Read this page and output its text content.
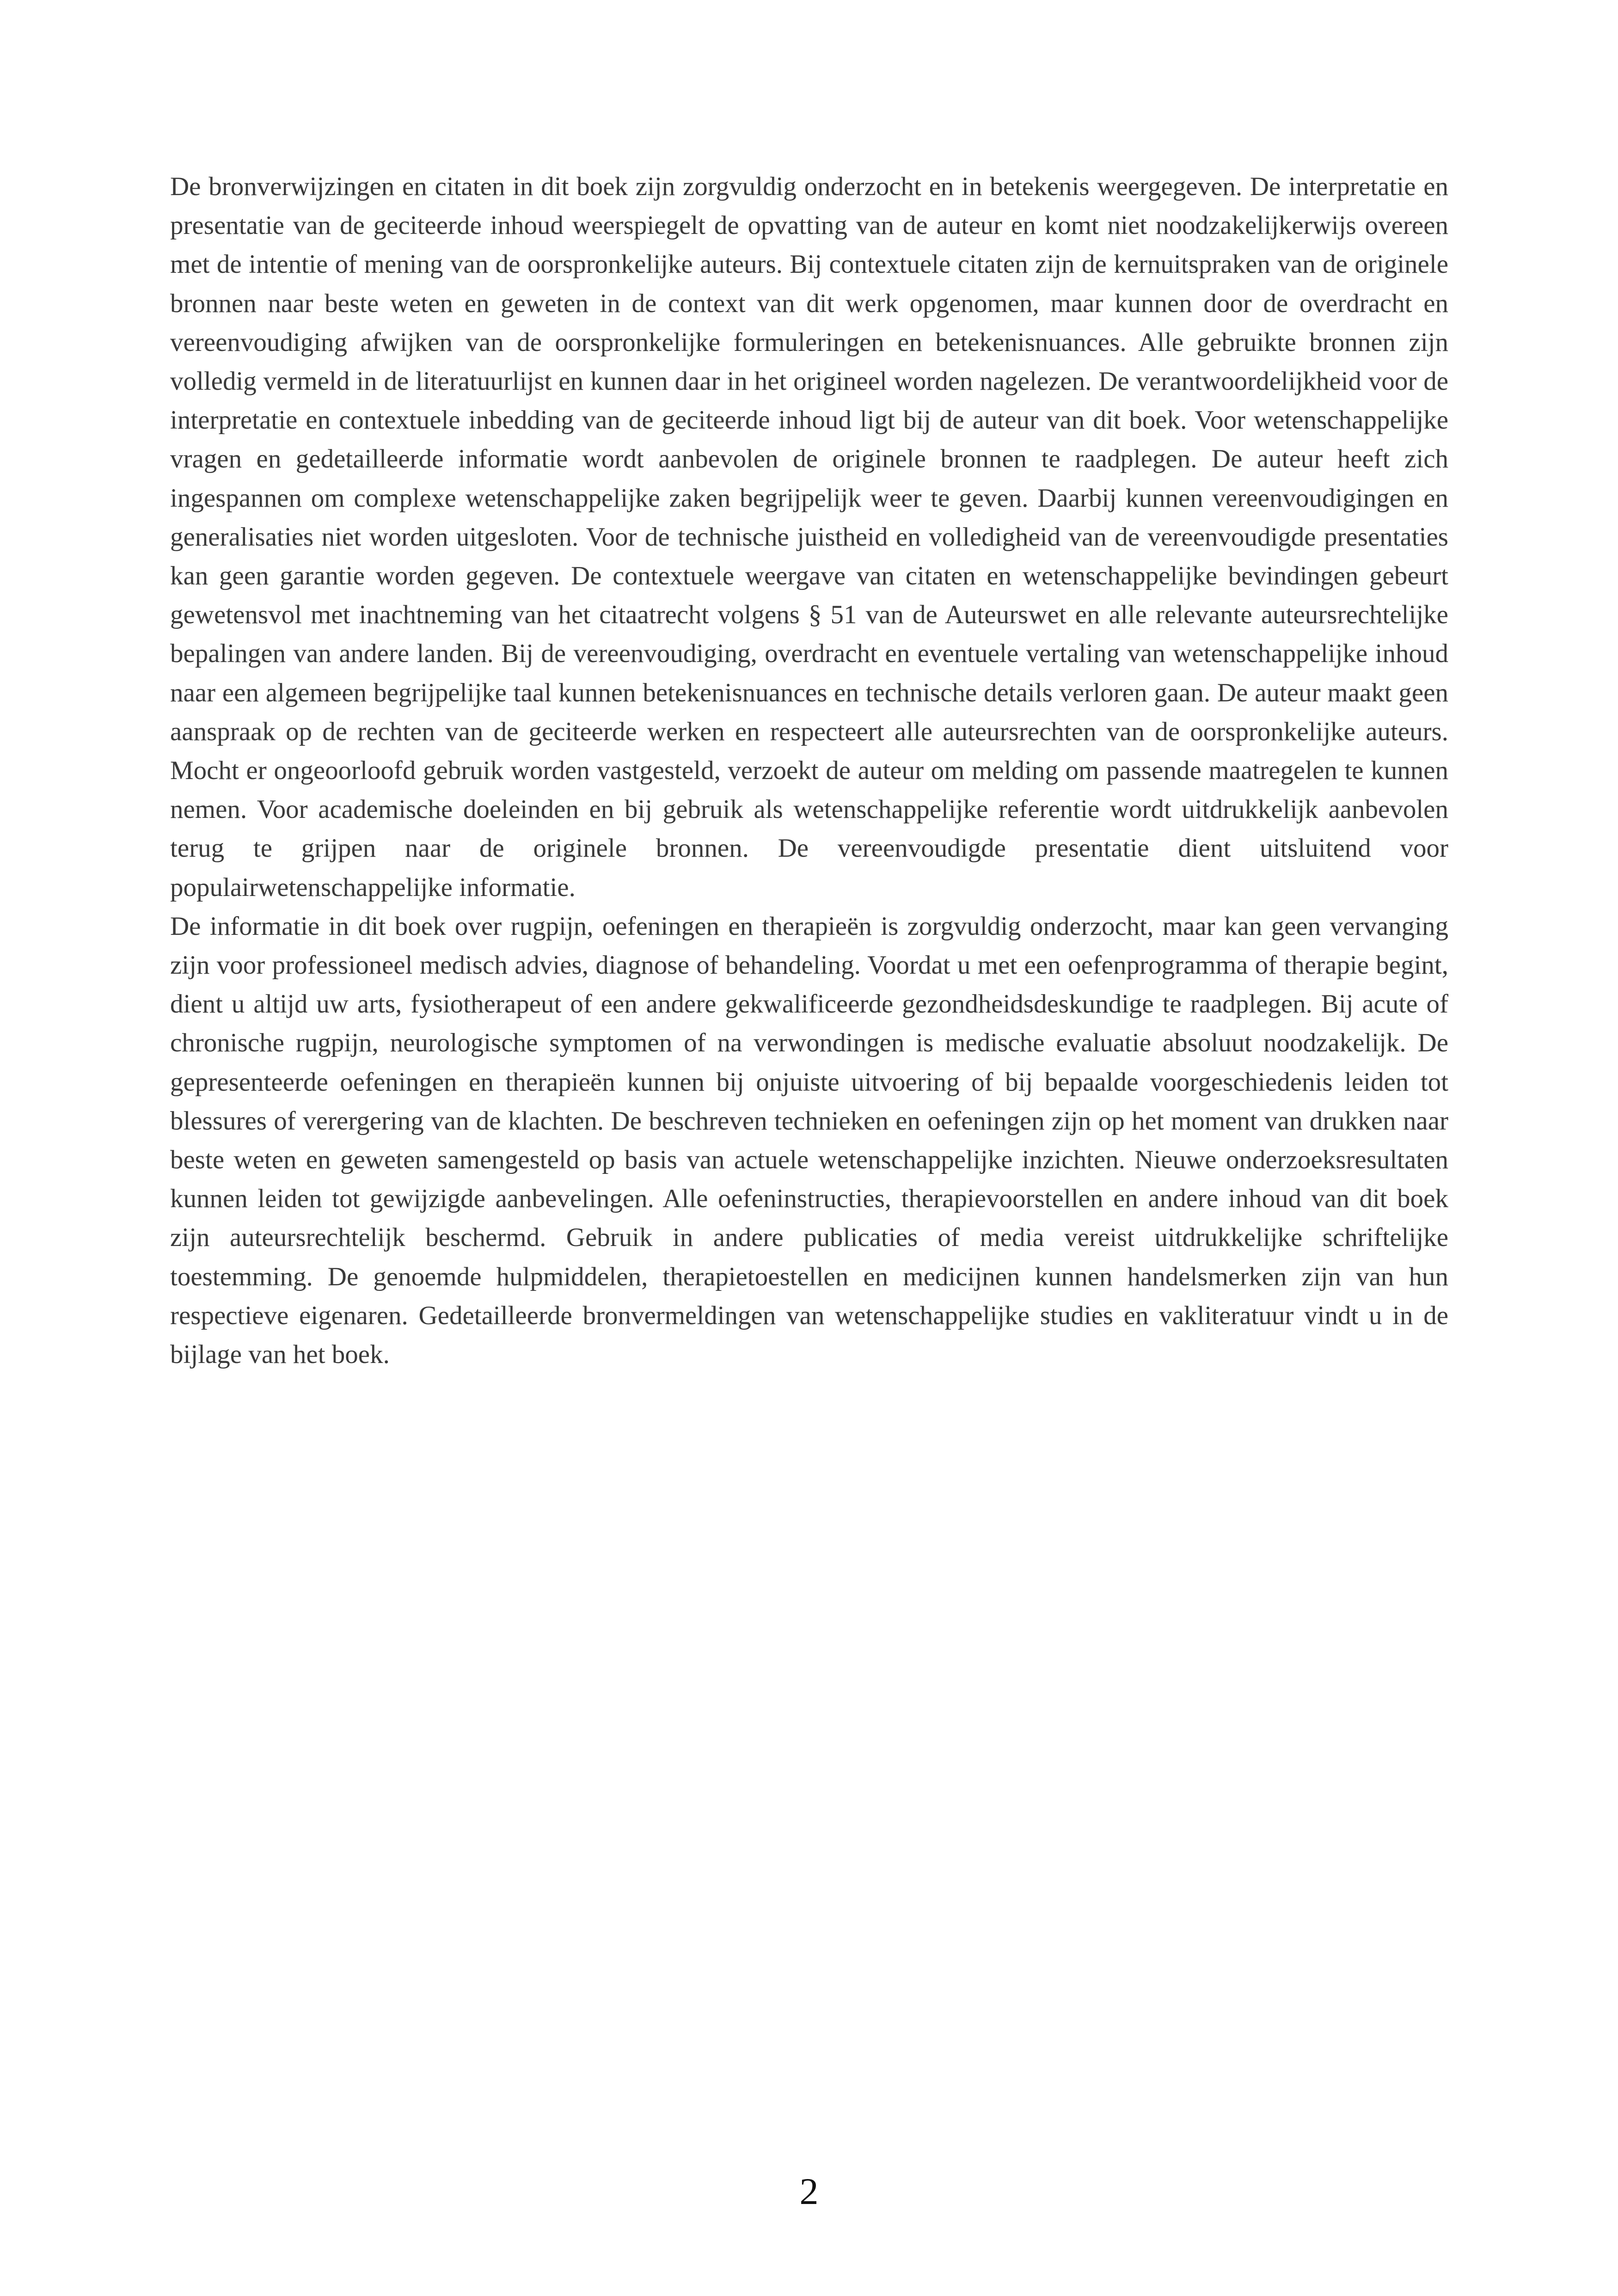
De bronverwijzingen en citaten in dit boek zijn zorgvuldig onderzocht en in betekenis weergegeven. De interpretatie en presentatie van de geciteerde inhoud weerspiegelt de opvatting van de auteur en komt niet noodzakelijkerwijs overeen met de intentie of mening van de oorspronkelijke auteurs. Bij contextuele citaten zijn de kernuitspraken van de originele bronnen naar beste weten en geweten in de context van dit werk opgenomen, maar kunnen door de overdracht en vereenvoudiging afwijken van de oorspronkelijke formuleringen en betekenisnuances. Alle gebruikte bronnen zijn volledig vermeld in de literatuurlijst en kunnen daar in het origineel worden nagelezen. De verantwoordelijkheid voor de interpretatie en contextuele inbedding van de geciteerde inhoud ligt bij de auteur van dit boek. Voor wetenschappelijke vragen en gedetailleerde informatie wordt aanbevolen de originele bronnen te raadplegen. De auteur heeft zich ingespannen om complexe wetenschappelijke zaken begrijpelijk weer te geven. Daarbij kunnen vereenvoudigingen en generalisaties niet worden uitgesloten. Voor de technische juistheid en volledigheid van de vereenvoudigde presentaties kan geen garantie worden gegeven. De contextuele weergave van citaten en wetenschappelijke bevindingen gebeurt gewetensvol met inachtneming van het citaatrecht volgens § 51 van de Auteurswet en alle relevante auteursrechtelijke bepalingen van andere landen. Bij de vereenvoudiging, overdracht en eventuele vertaling van wetenschappelijke inhoud naar een algemeen begrijpelijke taal kunnen betekenisnuances en technische details verloren gaan. De auteur maakt geen aanspraak op de rechten van de geciteerde werken en respecteert alle auteursrechten van de oorspronkelijke auteurs. Mocht er ongeoorloofd gebruik worden vastgesteld, verzoekt de auteur om melding om passende maatregelen te kunnen nemen. Voor academische doeleinden en bij gebruik als wetenschappelijke referentie wordt uitdrukkelijk aanbevolen terug te grijpen naar de originele bronnen. De vereenvoudigde presentatie dient uitsluitend voor populairwetenschappelijke informatie.

De informatie in dit boek over rugpijn, oefeningen en therapieën is zorgvuldig onderzocht, maar kan geen vervanging zijn voor professioneel medisch advies, diagnose of behandeling. Voordat u met een oefenprogramma of therapie begint, dient u altijd uw arts, fysiotherapeut of een andere gekwalificeerde gezondheidsdeskundige te raadplegen. Bij acute of chronische rugpijn, neurologische symptomen of na verwondingen is medische evaluatie absoluut noodzakelijk. De gepresenteerde oefeningen en therapieën kunnen bij onjuiste uitvoering of bij bepaalde voorgeschiedenis leiden tot blessures of verergering van de klachten. De beschreven technieken en oefeningen zijn op het moment van drukken naar beste weten en geweten samengesteld op basis van actuele wetenschappelijke inzichten. Nieuwe onderzoeksresultaten kunnen leiden tot gewijzigde aanbevelingen. Alle oefeninstructies, therapievoorstellen en andere inhoud van dit boek zijn auteursrechtelijk beschermd. Gebruik in andere publicaties of media vereist uitdrukkelijke schriftelijke toestemming. De genoemde hulpmiddelen, therapietoestellen en medicijnen kunnen handelsmerken zijn van hun respectieve eigenaren. Gedetailleerde bronvermeldingen van wetenschappelijke studies en vakliteratuur vindt u in de bijlage van het boek.

2
